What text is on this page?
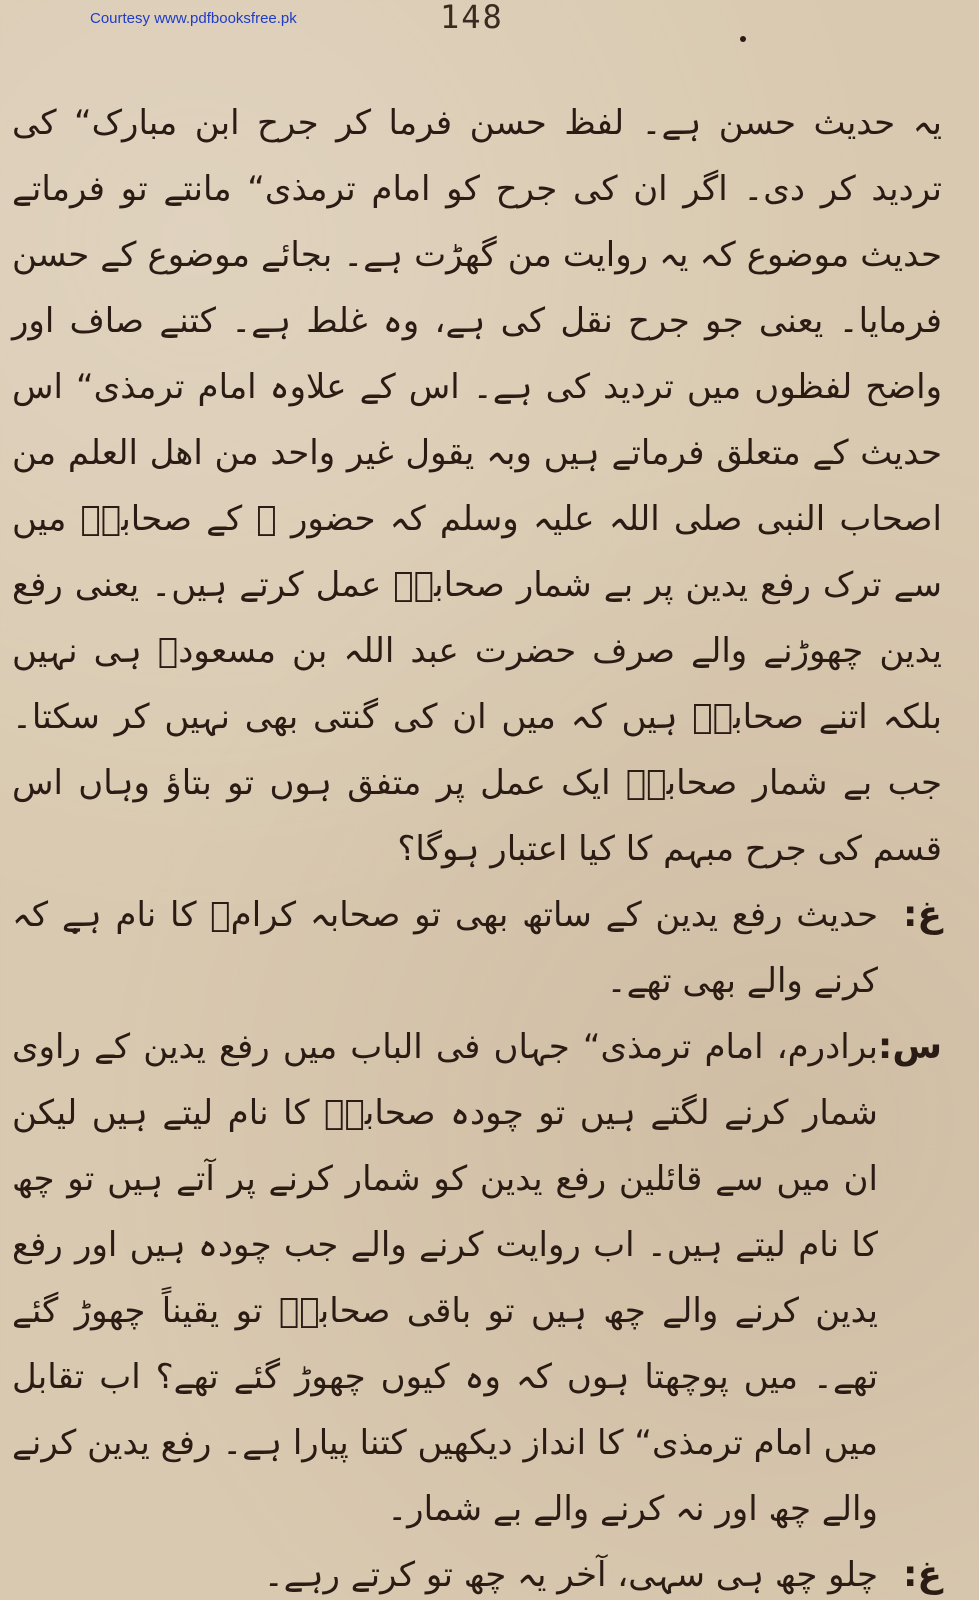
Courtesy www.pdfbooksfree.pk	148

یہ حدیث حسن ہے۔ لفظ حسن فرما کر جرح ابن مبارک“ کی تردید کر دی۔ اگر ان کی جرح کو امام ترمذی“ مانتے تو فرماتے حدیث موضوع کہ یہ روایت من گھڑت ہے۔ بجائے موضوع کے حسن فرمایا۔ یعنی جو جرح نقل کی ہے، وہ غلط ہے۔ کتنے صاف اور واضح لفظوں میں تردید کی ہے۔ اس کے علاوہ امام ترمذی“ اس حدیث کے متعلق فرماتے ہیں وبہ یقول غیر واحد من اھل العلم من اصحاب النبی صلی اللہ علیہ وسلم کہ حضور ﷺ کے صحابہؓ میں سے ترک رفع یدین پر بے شمار صحابہؓ عمل کرتے ہیں۔ یعنی رفع یدین چھوڑنے والے صرف حضرت عبد اللہ بن مسعودؓ ہی نہیں بلکہ اتنے صحابہؓ ہیں کہ میں ان کی گنتی بھی نہیں کر سکتا۔ جب بے شمار صحابہؓ ایک عمل پر متفق ہوں تو بتاؤ وہاں اس قسم کی جرح مبہم کا کیا اعتبار ہوگا؟

غ:

حدیث رفع یدین کے ساتھ بھی تو صحابہ کرامؓ کا نام ہے کہ کرنے والے بھی تھے۔

س:

برادرم، امام ترمذی“ جہاں فی الباب میں رفع یدین کے راوی شمار کرنے لگتے ہیں تو چودہ صحابہؓ کا نام لیتے ہیں لیکن ان میں سے قائلین رفع یدین کو شمار کرنے پر آتے ہیں تو چھ کا نام لیتے ہیں۔ اب روایت کرنے والے جب چودہ ہیں اور رفع یدین کرنے والے چھ ہیں تو باقی صحابہؓ تو یقیناً چھوڑ گئے تھے۔ میں پوچھتا ہوں کہ وہ کیوں چھوڑ گئے تھے؟ اب تقابل میں امام ترمذی“ کا انداز دیکھیں کتنا پیارا ہے۔ رفع یدین کرنے والے چھ اور نہ کرنے والے بے شمار۔

غ:

چلو چھ ہی سہی، آخر یہ چھ تو کرتے رہے۔
